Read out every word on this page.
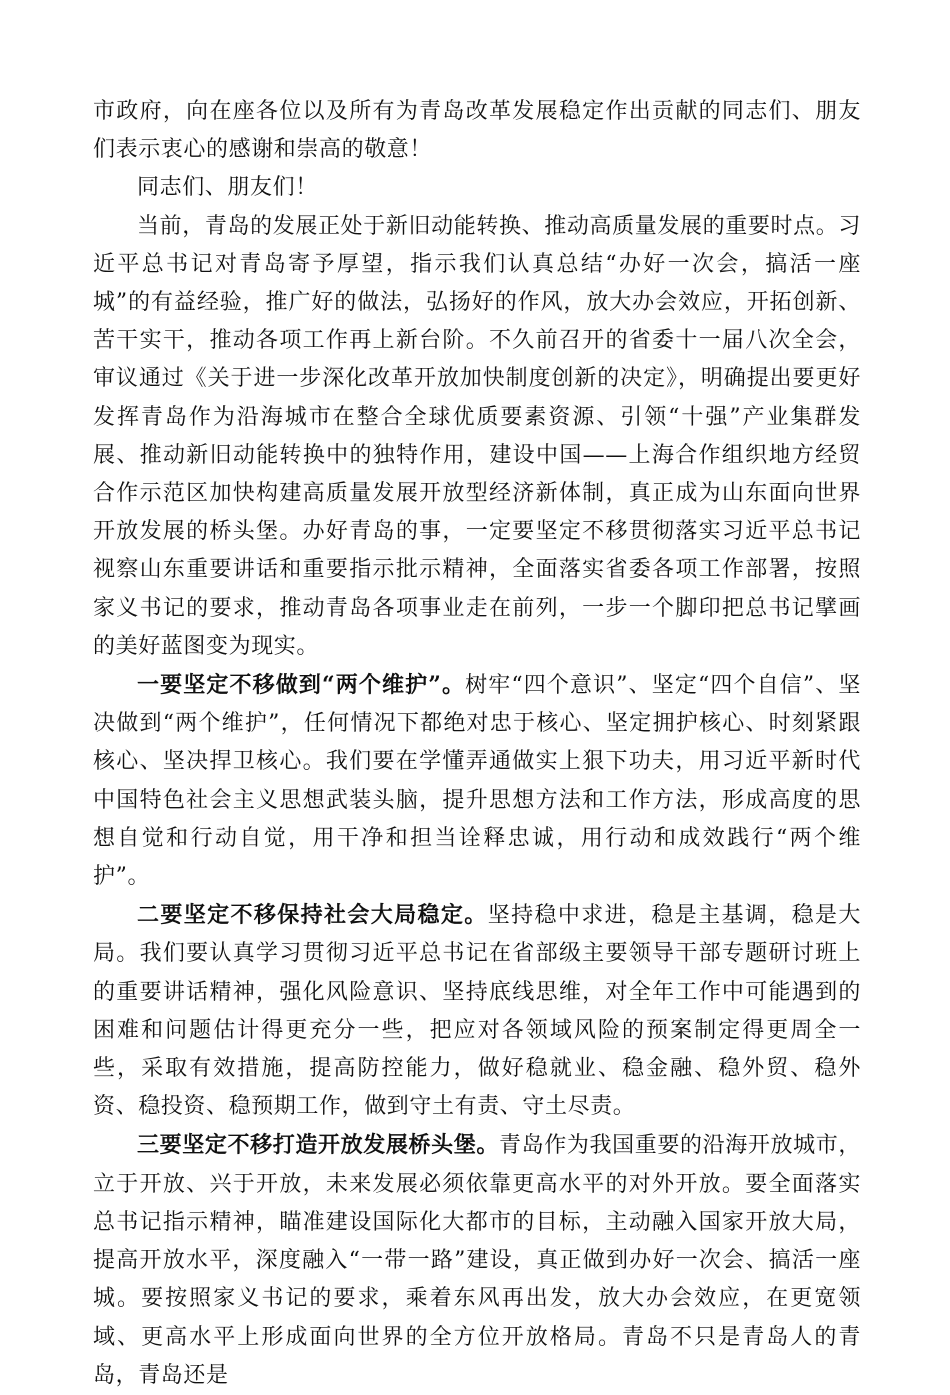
市政府，向在座各位以及所有为青岛改革发展稳定作出贡献的同志们、朋友们表示衷心的感谢和崇高的敬意！

同志们、朋友们！

当前，青岛的发展正处于新旧动能转换、推动高质量发展的重要时点。习近平总书记对青岛寄予厚望，指示我们认真总结“办好一次会，搞活一座城”的有益经验，推广好的做法，弘扬好的作风，放大办会效应，开拓创新、苦干实干，推动各项工作再上新台阶。不久前召开的省委十一届八次全会，审议通过《关于进一步深化改革开放加快制度创新的决定》，明确提出要更好发挥青岛作为沿海城市在整合全球优质要素资源、引领“十强”产业集群发展、推动新旧动能转换中的独特作用，建设中国——上海合作组织地方经贸合作示范区加快构建高质量发展开放型经济新体制，真正成为山东面向世界开放发展的桥头堡。办好青岛的事，一定要坚定不移贯彻落实习近平总书记视察山东重要讲话和重要指示批示精神，全面落实省委各项工作部署，按照家义书记的要求，推动青岛各项事业走在前列，一步一个脚印把总书记擘画的美好蓝图变为现实。

一要坚定不移做到“两个维护”。树牢“四个意识”、坚定“四个自信”、坚决做到“两个维护”，任何情况下都绝对忠于核心、坚定拥护核心、时刻紧跟核心、坚决捍卫核心。我们要在学懂弄通做实上狠下功夫，用习近平新时代中国特色社会主义思想武装头脑，提升思想方法和工作方法，形成高度的思想自觉和行动自觉，用干净和担当诠释忠诚，用行动和成效践行“两个维护”。

二要坚定不移保持社会大局稳定。坚持稳中求进，稳是主基调，稳是大局。我们要认真学习贯彻习近平总书记在省部级主要领导干部专题研讨班上的重要讲话精神，强化风险意识、坚持底线思维，对全年工作中可能遇到的困难和问题估计得更充分一些，把应对各领域风险的预案制定得更周全一些，采取有效措施，提高防控能力，做好稳就业、稳金融、稳外贸、稳外资、稳投资、稳预期工作，做到守土有责、守土尽责。

三要坚定不移打造开放发展桥头堡。青岛作为我国重要的沿海开放城市，立于开放、兴于开放，未来发展必须依靠更高水平的对外开放。要全面落实总书记指示精神，瞄准建设国际化大都市的目标，主动融入国家开放大局，提高开放水平，深度融入“一带一路”建设，真正做到办好一次会、搞活一座城。要按照家义书记的要求，乘着东风再出发，放大办会效应，在更宽领域、更高水平上形成面向世界的全方位开放格局。青岛不只是青岛人的青岛，青岛还是
